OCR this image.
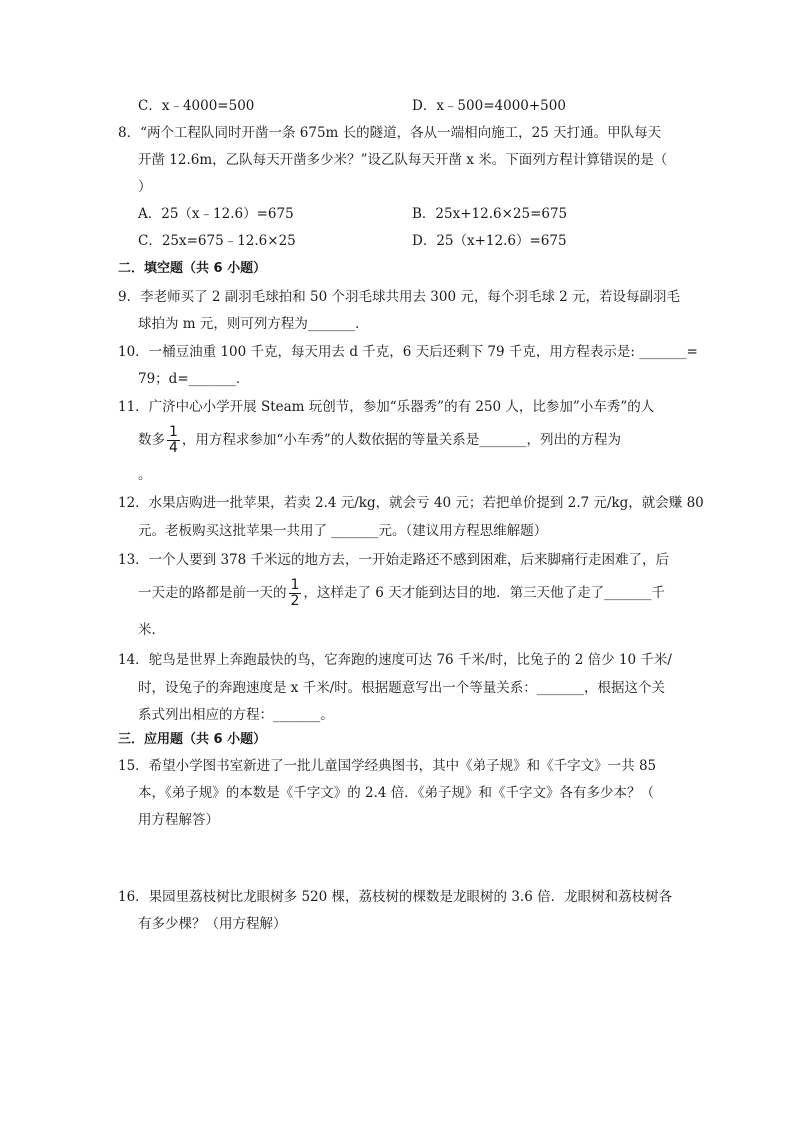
C．x﹣4000=500	D．x﹣500=4000+500
8．“两个工程队同时开凿一条 675m 长的隧道，各从一端相向施工，25 天打通。甲队每天
开凿 12.6m，乙队每天开凿多少米？”设乙队每天开凿 x 米。下面列方程计算错误的是（
）
A．25（x﹣12.6）=675	B．25x+12.6×25=675
C．25x=675﹣12.6×25	D．25（x+12.6）=675
二．填空题（共 6 小题）
9．李老师买了 2 副羽毛球拍和 50 个羽毛球共用去 300 元，每个羽毛球 2 元，若设每副羽毛
球拍为 m 元，则可列方程为_______．
10．一桶豆油重 100 千克，每天用去 d 千克，6 天后还剩下 79 千克，用方程表示是: _______=
79；d=_______．
11．广济中心小学开展 Steam 玩创节，参加“乐器秀”的有 250 人，比参加”小车秀”的人
数多 $\frac{1}{4}$ ，用方程求参加“小车秀”的人数依据的等量关系是_______，列出的方程为
。
12．水果店购进一批苹果，若卖 2.4 元/kg，就会亏 40 元；若把单价提到 2.7 元/kg，就会赚 80
元。老板购买这批苹果一共用了 _______元。（建议用方程思维解题）
13．一个人要到 378 千米远的地方去，一开始走路还不感到困难，后来脚痛行走困难了，后
一天走的路都是前一天的 $\frac{1}{2}$ ，这样走了 6 天才能到达目的地．第三天他了走了_______千
米．
14．鸵鸟是世界上奔跑最快的鸟，它奔跑的速度可达 76 千米/时，比兔子的 2 倍少 10 千米/
时，设兔子的奔跑速度是 x 千米/时。根据题意写出一个等量关系：_______，根据这个关
系式列出相应的方程：_______。
三．应用题（共 6 小题）
15．希望小学图书室新进了一批儿童国学经典图书，其中《弟子规》和《千字文》一共 85
本，《弟子规》的本数是《千字文》的 2.4 倍．《弟子规》和《千字文》各有多少本？（
用方程解答）
16．果园里荔枝树比龙眼树多 520 棵，荔枝树的棵数是龙眼树的 3.6 倍．龙眼树和荔枝树各
有多少棵？（用方程解）
